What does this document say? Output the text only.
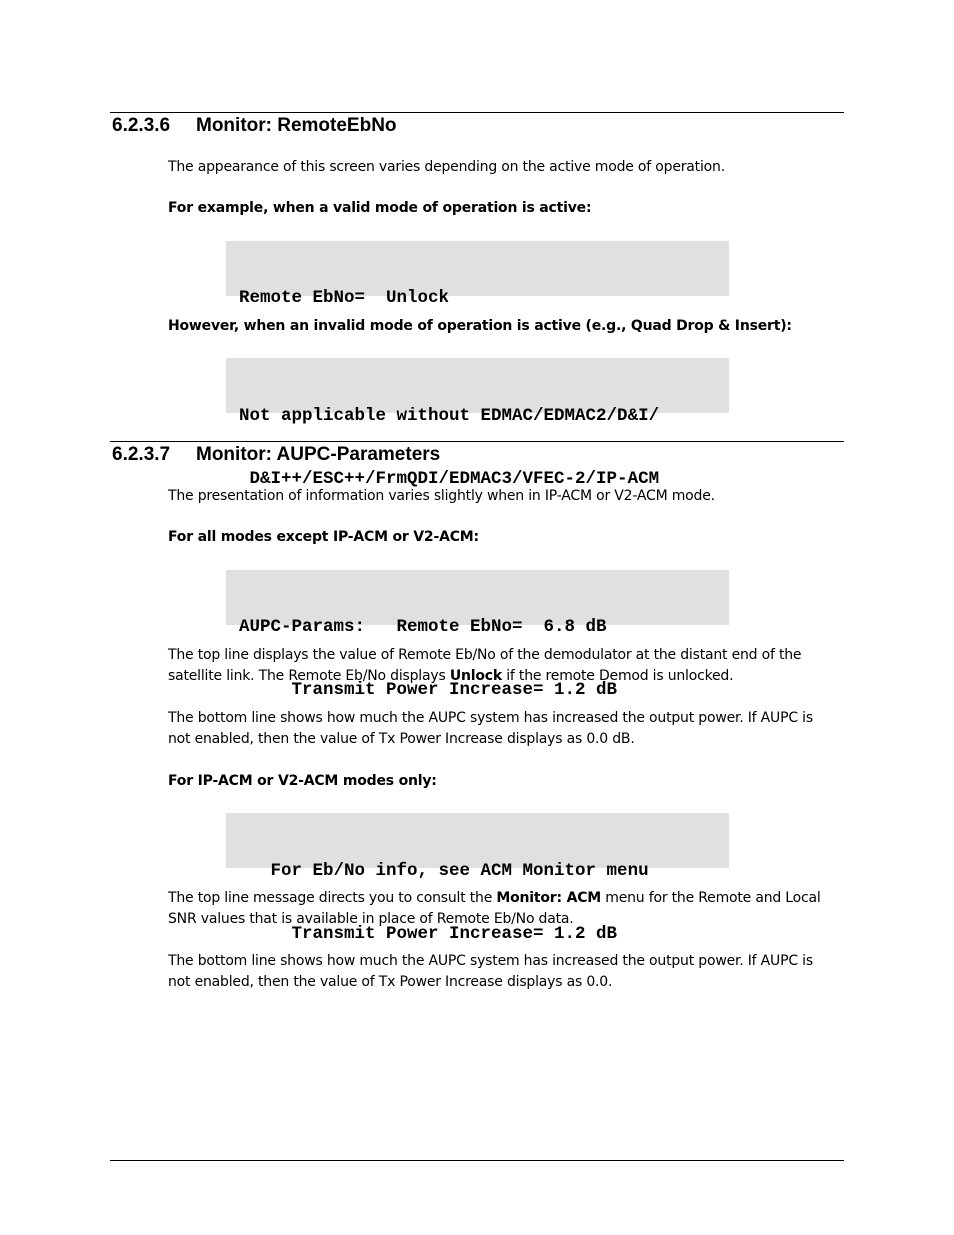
6.2.3.6 Monitor: RemoteEbNo

The appearance of this screen varies depending on the active mode of operation.

For example, when a valid mode of operation is active:

Remote EbNo=  Unlock

However, when an invalid mode of operation is active (e.g., Quad Drop & Insert):

Not applicable without EDMAC/EDMAC2/D&I/

D&I++/ESC++/FrmQDI/EDMAC3/VFEC-2/IP-ACM

6.2.3.7 Monitor: AUPC-Parameters

The presentation of information varies slightly when in IP-ACM or V2-ACM mode.

For all modes except IP-ACM or V2-ACM:

AUPC-Params:   Remote EbNo=  6.8 dB

Transmit Power Increase= 1.2 dB

The top line displays the value of Remote Eb/No of the demodulator at the distant end of the satellite link. The Remote Eb/No displays Unlock if the remote Demod is unlocked.

The bottom line shows how much the AUPC system has increased the output power. If AUPC is not enabled, then the value of Tx Power Increase displays as 0.0 dB.

For IP-ACM or V2-ACM modes only:

For Eb/No info, see ACM Monitor menu

Transmit Power Increase= 1.2 dB

The top line message directs you to consult the Monitor: ACM menu for the Remote and Local SNR values that is available in place of Remote Eb/No data.

The bottom line shows how much the AUPC system has increased the output power. If AUPC is not enabled, then the value of Tx Power Increase displays as 0.0.
